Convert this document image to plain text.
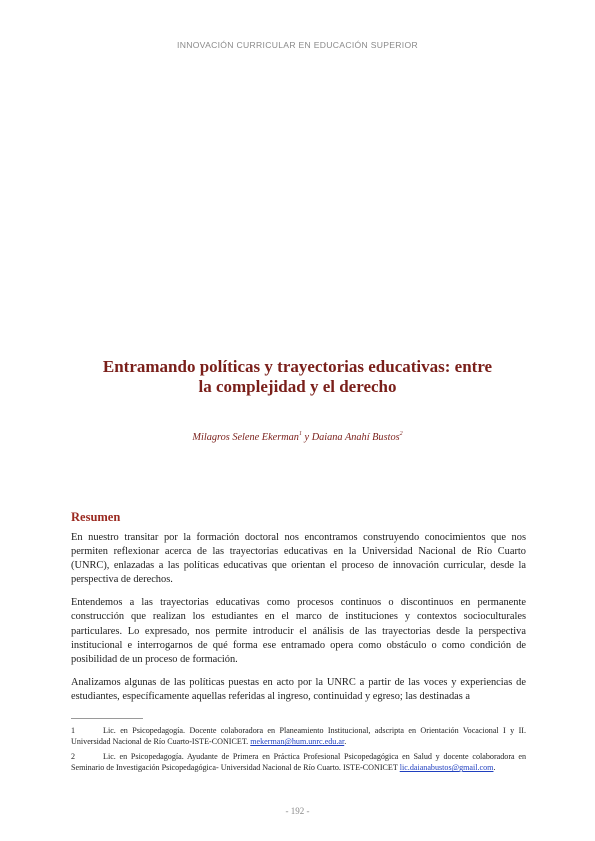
INNOVACIÓN CURRICULAR EN EDUCACIÓN SUPERIOR
Entramando políticas y trayectorias educativas: entre
la complejidad y el derecho
Milagros Selene Ekerman$^1$ y Daiana Anahí Bustos$^2$
Resumen

En nuestro transitar por la formación doctoral nos encontramos construyendo conocimientos que nos permiten reflexionar acerca de las trayectorias educativas en la Universidad Nacional de Río Cuarto (UNRC), enlazadas a las políticas educativas que orientan el proceso de innovación curricular, desde la perspectiva de derechos.

Entendemos a las trayectorias educativas como procesos continuos o discontinuos en permanente construcción que realizan los estudiantes en el marco de instituciones y contextos socioculturales particulares. Lo expresado, nos permite introducir el análisis de las trayectorias desde la perspectiva institucional e interrogarnos de qué forma ese entramado opera como obstáculo o como condición de posibilidad de un proceso de formación.

Analizamos algunas de las políticas puestas en acto por la UNRC a partir de las voces y experiencias de estudiantes, específicamente aquellas referidas al ingreso, continuidad y egreso; las destinadas a

1	Lic. en Psicopedagogía. Docente colaboradora en Planeamiento Institucional, adscripta en Orientación Vocacional I y II. Universidad Nacional de Río Cuarto-ISTE-CONICET. mekerman@hum.unrc.edu.ar.

2	Lic. en Psicopedagogía. Ayudante de Primera en Práctica Profesional Psicopedagógica en Salud y docente colaboradora en Seminario de Investigación Psicopedagógica- Universidad Nacional de Río Cuarto. ISTE-CONICET lic.daianabustos@gmail.com.

- 192 -
